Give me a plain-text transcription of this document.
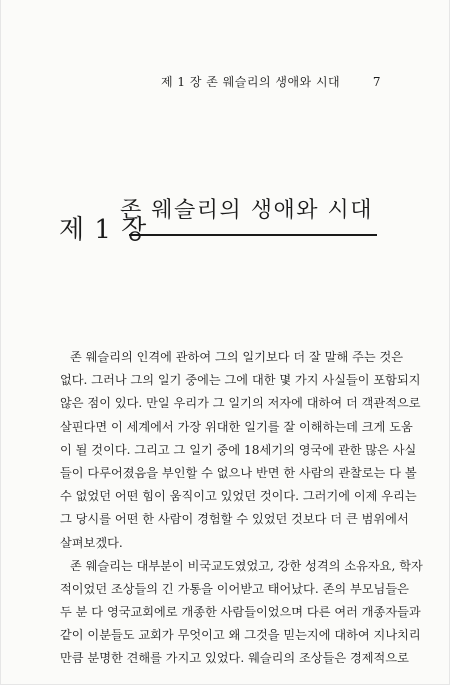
제 1 장 존 웨슬리의 생애와 시대	7
제 1 장
존 웨슬리의 생애와 시대
존 웨슬리의 인격에 관하여 그의 일기보다 더 잘 말해 주는 것은
없다. 그러나 그의 일기 중에는 그에 대한 몇 가지 사실들이 포함되지
않은 점이 있다. 만일 우리가 그 일기의 저자에 대하여 더 객관적으로
살핀다면 이 세계에서 가장 위대한 일기를 잘 이해하는데 크게 도움
이 될 것이다. 그리고 그 일기 중에 18세기의 영국에 관한 많은 사실
들이 다루어졌음을 부인할 수 없으나 반면 한 사람의 관찰로는 다 볼
수 없었던 어떤 힘이 움직이고 있었던 것이다. 그러기에 이제 우리는
그 당시를 어떤 한 사람이 경험할 수 있었던 것보다 더 큰 범위에서
살펴보겠다.
존 웨슬리는 대부분이 비국교도였었고, 강한 성격의 소유자요, 학자
적이었던 조상들의 긴 가통을 이어받고 태어났다. 존의 부모님들은
두 분 다 영국교회에로 개종한 사람들이었으며 다른 여러 개종자들과
같이 이분들도 교회가 무엇이고 왜 그것을 믿는지에 대하여 지나치리
만큼 분명한 견해를 가지고 있었다. 웨슬리의 조상들은 경제적으로
